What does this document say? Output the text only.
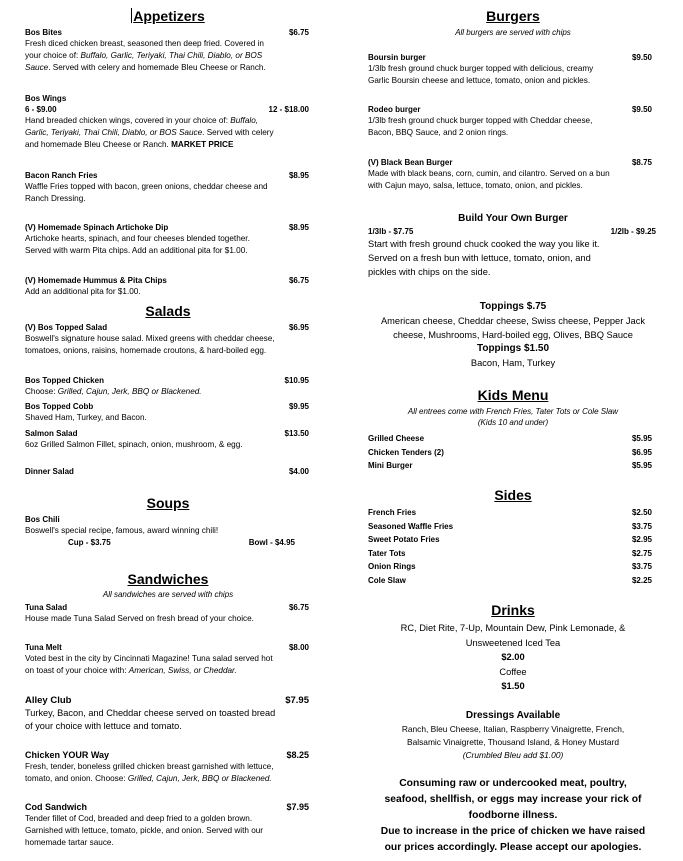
Appetizers
Bos Bites	$6.75
Fresh diced chicken breast, seasoned then deep fried. Covered in
your choice of: Buffalo, Garlic, Teriyaki, Thai Chili, Diablo, or BOS
Sauce. Served with celery and homemade Bleu Cheese or Ranch.
Bos Wings
6 - $9.00	12 - $18.00
Hand breaded chicken wings, covered in your choice of: Buffalo,
Garlic, Teriyaki, Thai Chili, Diablo, or BOS Sauce. Served with celery
and homemade Bleu Cheese or Ranch. MARKET PRICE
Bacon Ranch Fries	$8.95
Waffle Fries topped with bacon, green onions, cheddar cheese and
Ranch Dressing.
(V) Homemade Spinach Artichoke Dip	$8.95
Artichoke hearts, spinach, and four cheeses blended together.
Served with warm Pita chips. Add an additional pita for $1.00.
(V) Homemade Hummus & Pita Chips	$6.75
Add an additional pita for $1.00.
Salads
(V) Bos Topped Salad	$6.95
Boswell's signature house salad. Mixed greens with cheddar cheese,
tomatoes, onions, raisins, homemade croutons, & hard-boiled egg.
Bos Topped Chicken	$10.95
Choose: Grilled, Cajun, Jerk, BBQ or Blackened.
Bos Topped Cobb	$9.95
Shaved Ham, Turkey, and Bacon.
Salmon Salad	$13.50
6oz Grilled Salmon Fillet, spinach, onion, mushroom, & egg.
Dinner Salad	$4.00
Soups
Bos Chili
Boswell's special recipe, famous, award winning chili!
Cup - $3.75	Bowl - $4.95
Sandwiches
All sandwiches are served with chips
Tuna Salad	$6.75
House made Tuna Salad Served on fresh bread of your choice.
Tuna Melt	$8.00
Voted best in the city by Cincinnati Magazine! Tuna salad served hot
on toast of your choice with: American, Swiss, or Cheddar.
Alley Club	$7.95
Turkey, Bacon, and Cheddar cheese served on toasted bread
of your choice with lettuce and tomato.
Chicken YOUR Way	$8.25
Fresh, tender, boneless grilled chicken breast garnished with lettuce,
tomato, and onion. Choose: Grilled, Cajun, Jerk, BBQ or Blackened.
Cod Sandwich	$7.95
Tender fillet of Cod, breaded and deep fried to a golden brown.
Garnished with lettuce, tomato, pickle, and onion. Served with our
homemade tartar sauce.
Burgers
All burgers are served with chips
Boursin burger	$9.50
1/3lb fresh ground chuck burger topped with delicious, creamy
Garlic Boursin cheese and lettuce, tomato, onion and pickles.
Rodeo burger	$9.50
1/3lb fresh ground chuck burger topped with Cheddar cheese,
Bacon, BBQ Sauce, and 2 onion rings.
(V) Black Bean Burger	$8.75
Made with black beans, corn, cumin, and cilantro. Served on a bun
with Cajun mayo, salsa, lettuce, tomato, onion, and pickles.
Build Your Own Burger
1/3lb - $7.75	1/2lb - $9.25
Start with fresh ground chuck cooked the way you like it.
Served on a fresh bun with lettuce, tomato, onion, and
pickles with chips on the side.
Toppings $.75
American cheese, Cheddar cheese, Swiss cheese, Pepper Jack
cheese, Mushrooms, Hard-boiled egg, Olives, BBQ Sauce
Toppings $1.50
Bacon, Ham, Turkey
Kids Menu
All entrees come with French Fries, Tater Tots or Cole Slaw
(Kids 10 and under)
Grilled Cheese	$5.95
Chicken Tenders (2)	$6.95
Mini Burger	$5.95
Sides
French Fries	$2.50
Seasoned Waffle Fries	$3.75
Sweet Potato Fries	$2.95
Tater Tots	$2.75
Onion Rings	$3.75
Cole Slaw	$2.25
Drinks
RC, Diet Rite, 7-Up, Mountain Dew, Pink Lemonade, &
Unsweetened Iced Tea
$2.00
Coffee
$1.50
Dressings Available
Ranch, Bleu Cheese, Italian, Raspberry Vinaigrette, French,
Balsamic Vinaigrette, Thousand Island, & Honey Mustard
(Crumbled Bleu add $1.00)
Consuming raw or undercooked meat, poultry,
seafood, shellfish, or eggs may increase your rick of
foodborne illness.
Due to increase in the price of chicken we have raised
our prices accordingly. Please accept our apologies.
